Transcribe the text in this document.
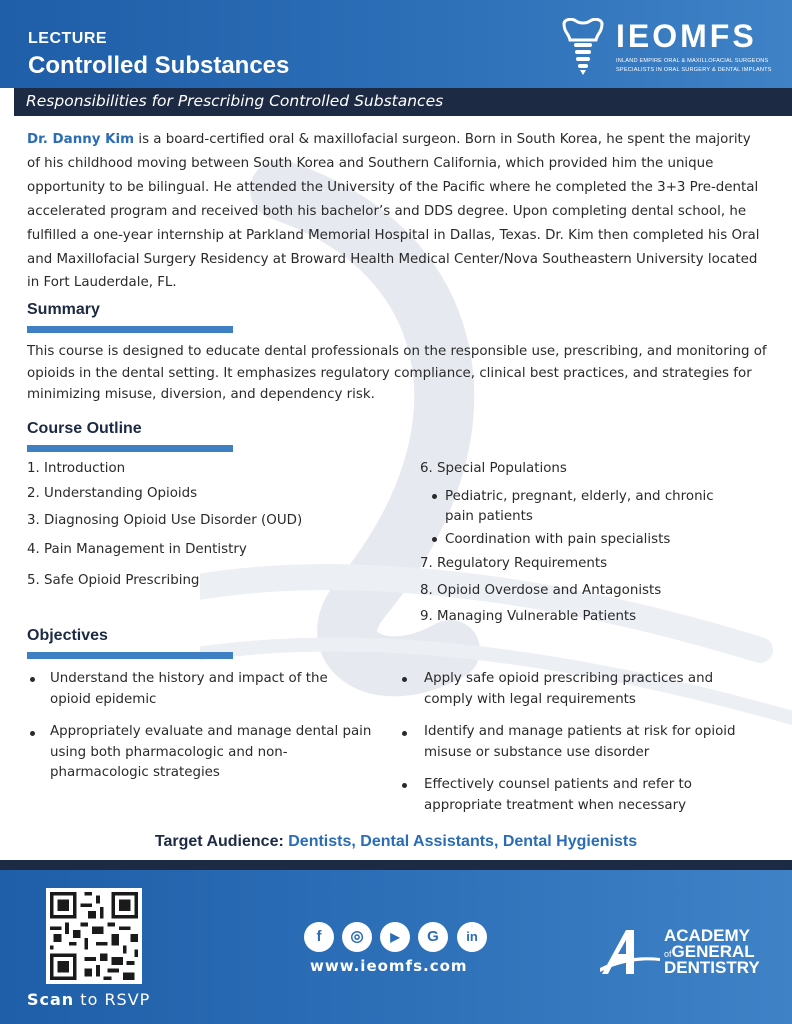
LECTURE
Controlled Substances
IEOMFS
INLAND EMPIRE ORAL & MAXILLOFACIAL SURGEONS
SPECIALISTS IN ORAL SURGERY & DENTAL IMPLANTS
Responsibilities for Prescribing Controlled Substances
Dr. Danny Kim is a board-certified oral & maxillofacial surgeon. Born in South Korea, he spent the majority of his childhood moving between South Korea and Southern California, which provided him the unique opportunity to be bilingual. He attended the University of the Pacific where he completed the 3+3 Pre-dental accelerated program and received both his bachelor’s and DDS degree. Upon completing dental school, he fulfilled a one-year internship at Parkland Memorial Hospital in Dallas, Texas. Dr. Kim then completed his Oral and Maxillofacial Surgery Residency at Broward Health Medical Center/Nova Southeastern University located in Fort Lauderdale, FL.
Summary
This course is designed to educate dental professionals on the responsible use, prescribing, and monitoring of opioids in the dental setting. It emphasizes regulatory compliance, clinical best practices, and strategies for minimizing misuse, diversion, and dependency risk.
Course Outline
1. Introduction
2. Understanding Opioids
3. Diagnosing Opioid Use Disorder (OUD)
4. Pain Management in Dentistry
5. Safe Opioid Prescribing
6. Special Populations
Pediatric, pregnant, elderly, and chronic pain patients
Coordination with pain specialists
7. Regulatory Requirements
8. Opioid Overdose and Antagonists
9. Managing Vulnerable Patients
Objectives
Understand the history and impact of the opioid epidemic
Appropriately evaluate and manage dental pain using both pharmacologic and non-pharmacologic strategies
Apply safe opioid prescribing practices and comply with legal requirements
Identify and manage patients at risk for opioid misuse or substance use disorder
Effectively counsel patients and refer to appropriate treatment when necessary
Target Audience: Dentists, Dental Assistants, Dental Hygienists
Scan to RSVP
f	◎	▶	G	in
www.ieomfs.com
ACADEMY
ofGENERAL
DENTISTRY
